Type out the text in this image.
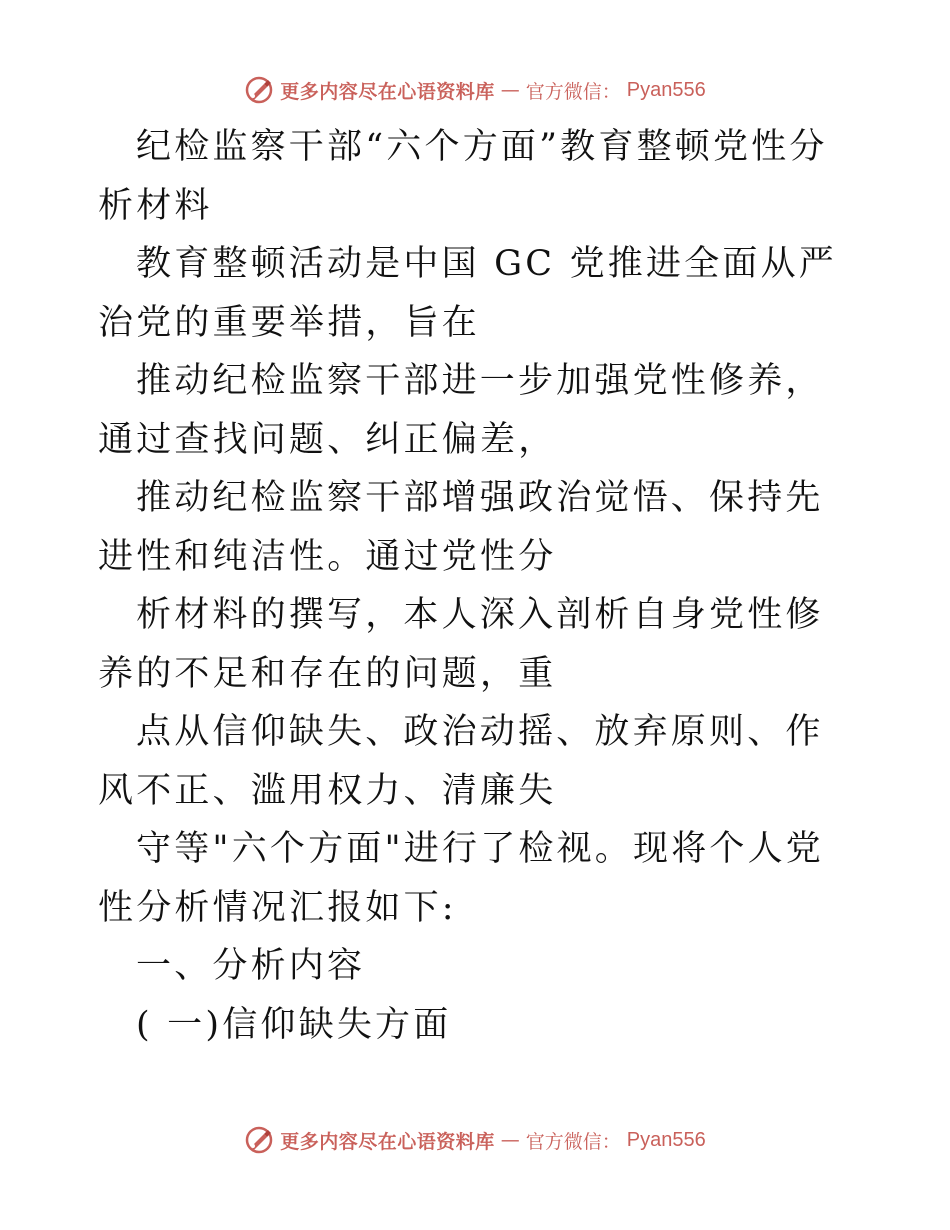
更多内容尽在心语资料库 — 官方微信： Pyan556

纪检监察干部“六个方面”教育整顿党性分析材料

教育整顿活动是中国 GC 党推进全面从严治党的重要举措，旨在

推动纪检监察干部进一步加强党性修养，通过查找问题、纠正偏差，

推动纪检监察干部增强政治觉悟、保持先进性和纯洁性。通过党性分

析材料的撰写，本人深入剖析自身党性修养的不足和存在的问题，重

点从信仰缺失、政治动摇、放弃原则、作风不正、滥用权力、清廉失

守等"六个方面"进行了检视。现将个人党性分析情况汇报如下:

一、分析内容

( 一)信仰缺失方面

更多内容尽在心语资料库 — 官方微信： Pyan556
